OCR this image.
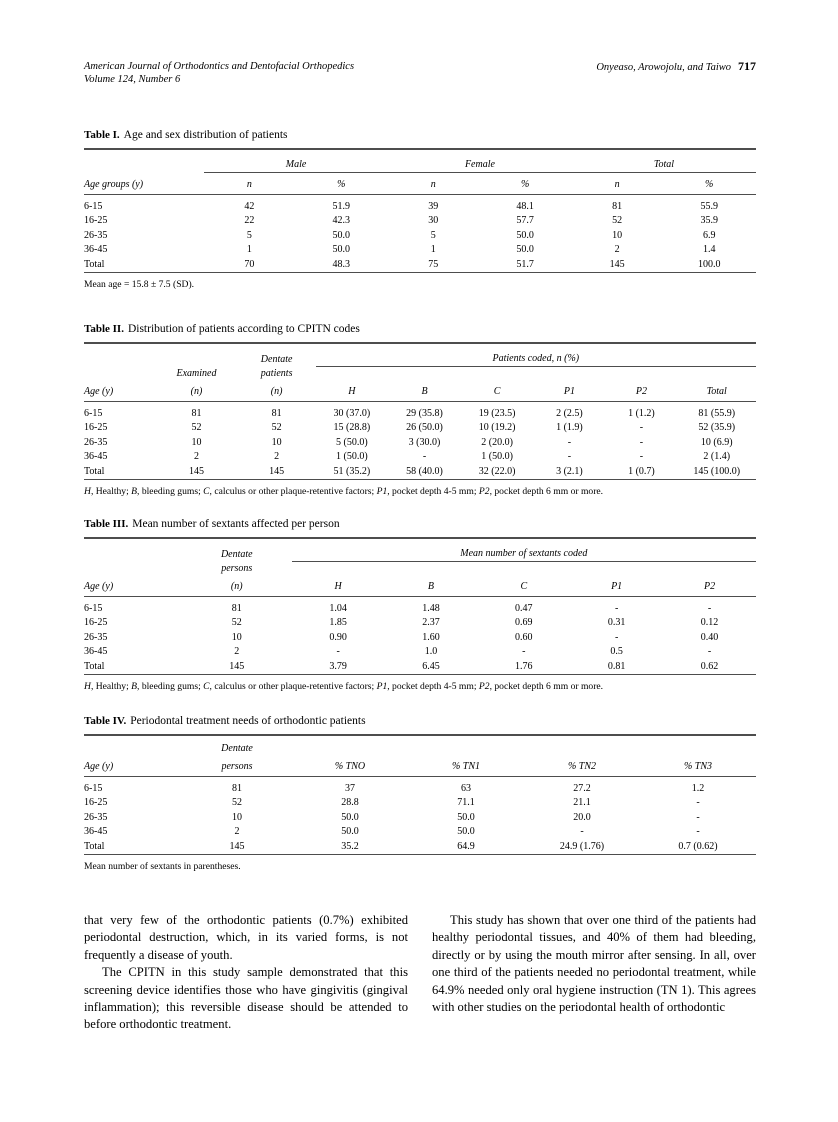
American Journal of Orthodontics and Dentofacial Orthopedics
Volume 124, Number 6
Onyeaso, Arowojolu, and Taiwo 717
Table I. Age and sex distribution of patients
	Male		Female		Total	

Age groups (y)	n	%	n	%	n	%
6-15	42	51.9	39	48.1	81	55.9
16-25	22	42.3	30	57.7	52	35.9
26-35	5	50.0	5	50.0	10	6.9
36-45	1	50.0	1	50.0	2	1.4
Total	70	48.3	75	51.7	145	100.0

Mean age = 15.8 ± 7.5 (SD).
Table II. Distribution of patients according to CPITN codes
		Dentate	Patients coded, n (%)					
	Examined	patients						
Age (y)	(n)	(n)	H	B	C	P1	P2	Total
6-15	81	81	30 (37.0)	29 (35.8)	19 (23.5)	2 (2.5)	1 (1.2)	81 (55.9)
16-25	52	52	15 (28.8)	26 (50.0)	10 (19.2)	1 (1.9)	-	52 (35.9)
26-35	10	10	5 (50.0)	3 (30.0)	2 (20.0)	-	-	10 (6.9)
36-45	2	2	1 (50.0)	-	1 (50.0)	-	-	2 (1.4)
Total	145	145	51 (35.2)	58 (40.0)	32 (22.0)	3 (2.1)	1 (0.7)	145 (100.0)

H, Healthy; B, bleeding gums; C, calculus or other plaque-retentive factors; P1, pocket depth 4-5 mm; P2, pocket depth 6 mm or more.
Table III. Mean number of sextants affected per person
	Dentate	Mean number of sextants coded				
	persons					
Age (y)	(n)	H	B	C	P1	P2
6-15	81	1.04	1.48	0.47	-	-
16-25	52	1.85	2.37	0.69	0.31	0.12
26-35	10	0.90	1.60	0.60	-	0.40
36-45	2	-	1.0	-	0.5	-
Total	145	3.79	6.45	1.76	0.81	0.62

H, Healthy; B, bleeding gums; C, calculus or other plaque-retentive factors; P1, pocket depth 4-5 mm; P2, pocket depth 6 mm or more.
Table IV. Periodontal treatment needs of orthodontic patients
	Dentate				
Age (y)	persons	% TNO	% TN1	% TN2	% TN3
6-15	81	37	63	27.2	1.2
16-25	52	28.8	71.1	21.1	-
26-35	10	50.0	50.0	20.0	-
36-45	2	50.0	50.0	-	-
Total	145	35.2	64.9	24.9 (1.76)	0.7 (0.62)

Mean number of sextants in parentheses.

that very few of the orthodontic patients (0.7%) exhibited periodontal destruction, which, in its varied forms, is not frequently a disease of youth.

The CPITN in this study sample demonstrated that this screening device identifies those who have gingivitis (gingival inflammation); this reversible disease should be attended to before orthodontic treatment.

This study has shown that over one third of the patients had healthy periodontal tissues, and 40% of them had bleeding, directly or by using the mouth mirror after sensing. In all, over one third of the patients needed no periodontal treatment, while 64.9% needed only oral hygiene instruction (TN 1). This agrees with other studies on the periodontal health of orthodontic
